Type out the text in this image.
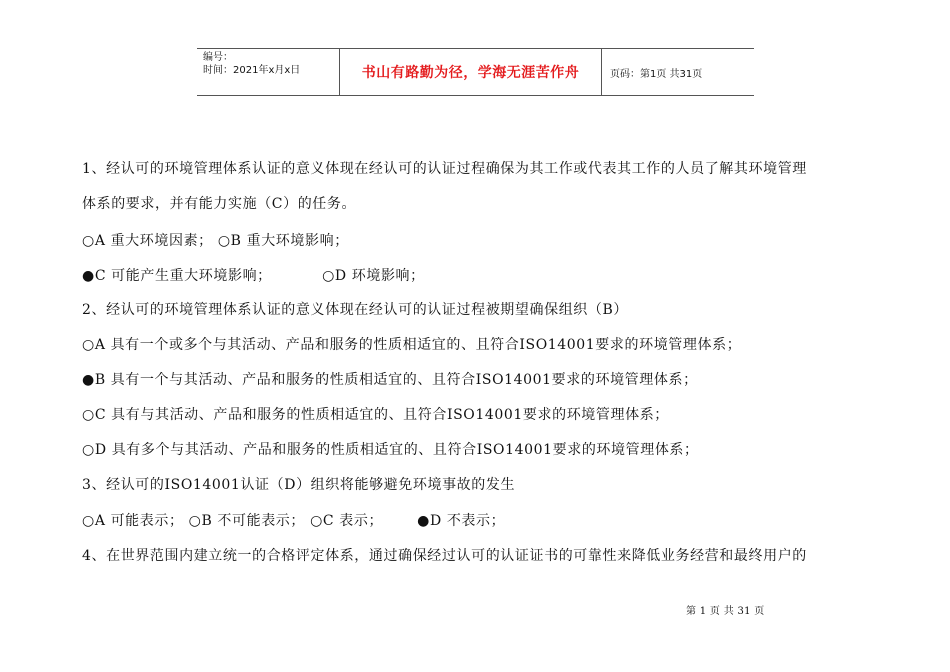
编号：
时间：2021年x月x日	书山有路勤为径，学海无涯苦作舟	页码：第1页 共31页
1、经认可的环境管理体系认证的意义体现在经认可的认证过程确保为其工作或代表其工作的人员了解其环境管理
体系的要求，并有能力实施（C）的任务。
○A 重大环境因素； ○B 重大环境影响；
●C 可能产生重大环境影响；	○D 环境影响；
2、经认可的环境管理体系认证的意义体现在经认可的认证过程被期望确保组织（B）
○A 具有一个或多个与其活动、产品和服务的性质相适宜的、且符合ISO14001要求的环境管理体系；
●B 具有一个与其活动、产品和服务的性质相适宜的、且符合ISO14001要求的环境管理体系；
○C 具有与其活动、产品和服务的性质相适宜的、且符合ISO14001要求的环境管理体系；
○D 具有多个与其活动、产品和服务的性质相适宜的、且符合ISO14001要求的环境管理体系；
3、经认可的ISO14001认证（D）组织将能够避免环境事故的发生
○A 可能表示； ○B 不可能表示； ○C 表示； ●D 不表示；
4、在世界范围内建立统一的合格评定体系，通过确保经过认可的认证证书的可靠性来降低业务经营和最终用户的
第 1 页 共 31 页
